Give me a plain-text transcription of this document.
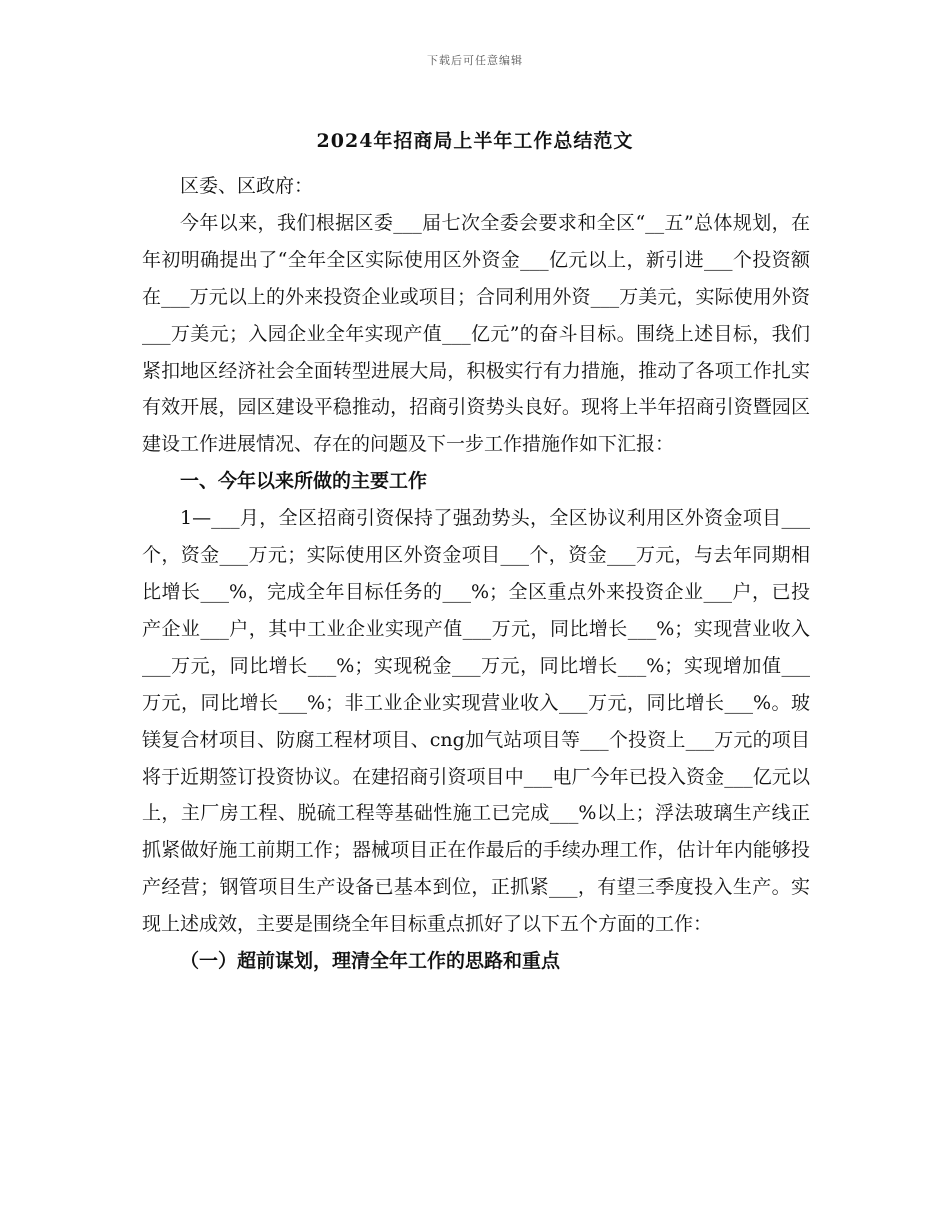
下载后可任意编辑
2024年招商局上半年工作总结范文

区委、区政府：

今年以来，我们根据区委___届七次全委会要求和全区“__五”总体规划，在年初明确提出了“全年全区实际使用区外资金___亿元以上，新引进___个投资额在___万元以上的外来投资企业或项目；合同利用外资___万美元，实际使用外资___万美元；入园企业全年实现产值___亿元”的奋斗目标。围绕上述目标，我们紧扣地区经济社会全面转型进展大局，积极实行有力措施，推动了各项工作扎实有效开展，园区建设平稳推动，招商引资势头良好。现将上半年招商引资暨园区建设工作进展情况、存在的问题及下一步工作措施作如下汇报：

一、今年以来所做的主要工作

1—___月，全区招商引资保持了强劲势头，全区协议利用区外资金项目___个，资金___万元；实际使用区外资金项目___个，资金___万元，与去年同期相比增长___%，完成全年目标任务的___%；全区重点外来投资企业___户，已投产企业___户，其中工业企业实现产值___万元，同比增长___%；实现营业收入___万元，同比增长___%；实现税金___万元，同比增长___%；实现增加值___万元，同比增长___%；非工业企业实现营业收入___万元，同比增长___%。玻镁复合材项目、防腐工程材项目、cng加气站项目等___个投资上___万元的项目将于近期签订投资协议。在建招商引资项目中___电厂今年已投入资金___亿元以上，主厂房工程、脱硫工程等基础性施工已完成___%以上；浮法玻璃生产线正抓紧做好施工前期工作；器械项目正在作最后的手续办理工作，估计年内能够投产经营；钢管项目生产设备已基本到位，正抓紧___，有望三季度投入生产。实现上述成效，主要是围绕全年目标重点抓好了以下五个方面的工作：

（一）超前谋划，理清全年工作的思路和重点
